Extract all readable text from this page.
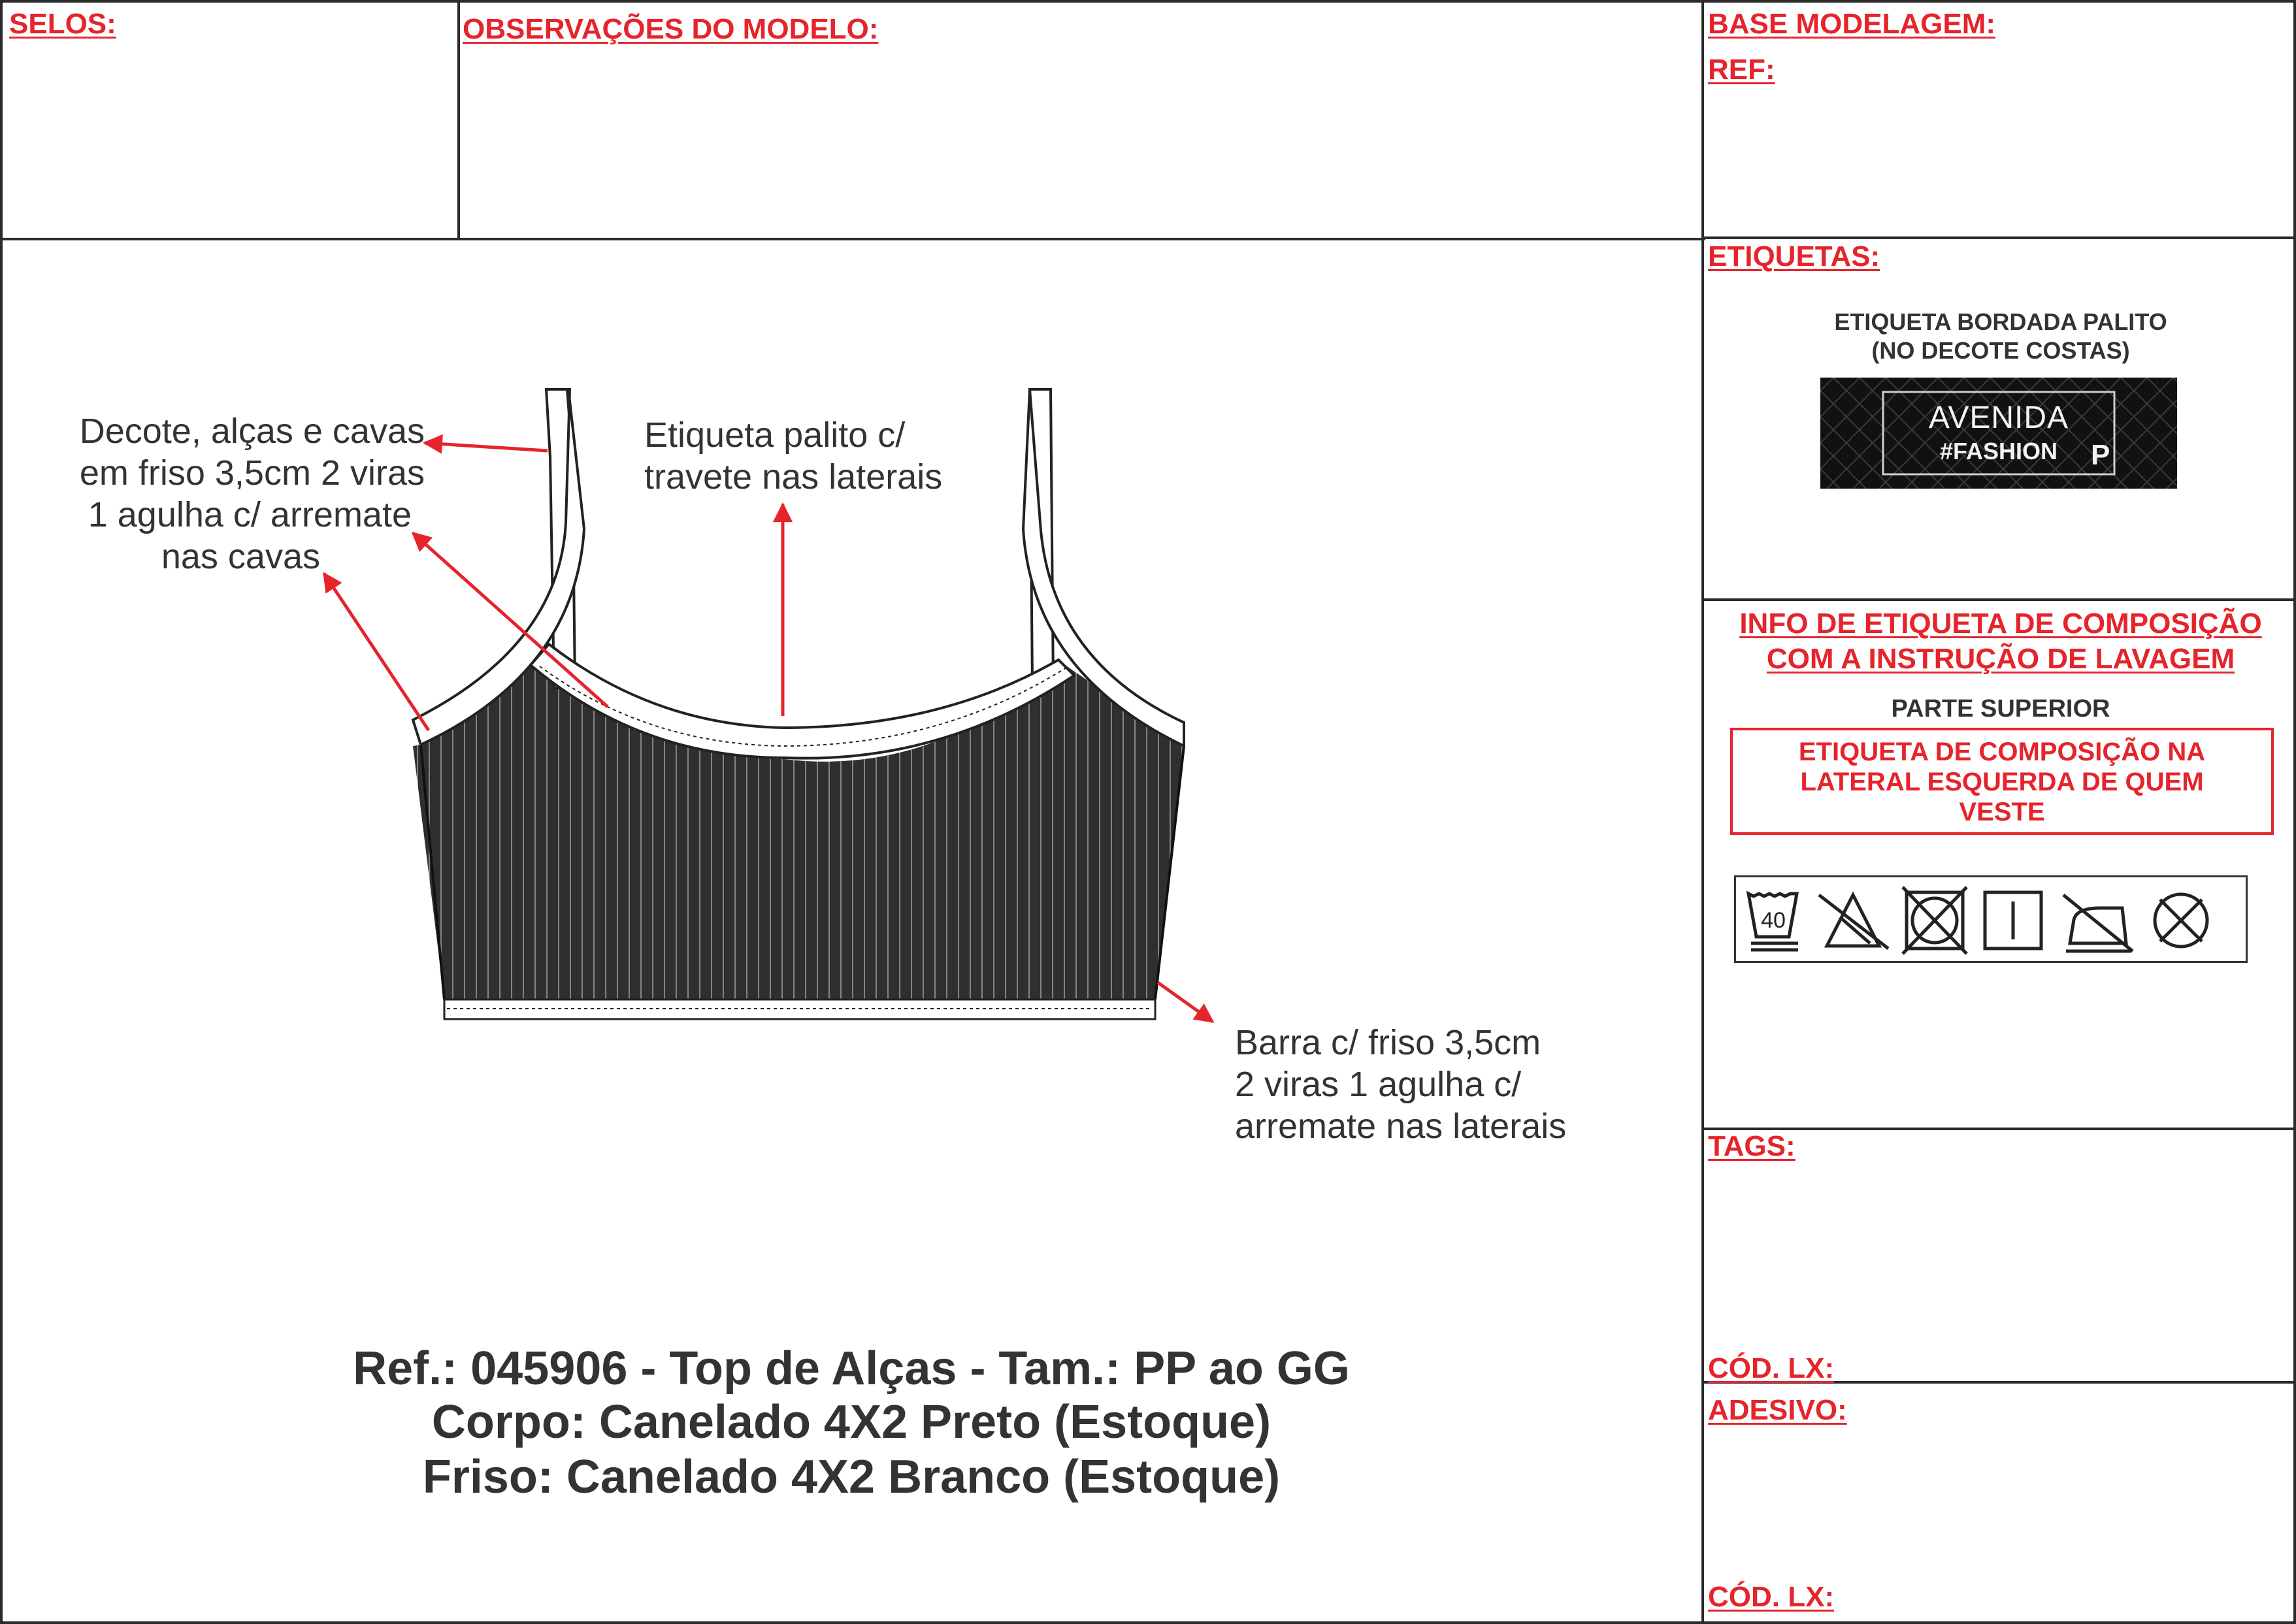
SELOS:	OBSERVAÇÕES DO MODELO:	BASE MODELAGEM:
REF:
ETIQUETAS:
ETIQUETA BORDADA PALITO
(NO DECOTE COSTAS)
AVENIDA
#FASHION	P
INFO DE ETIQUETA DE COMPOSIÇÃO
COM A INSTRUÇÃO DE LAVAGEM
PARTE SUPERIOR
ETIQUETA DE COMPOSIÇÃO NA
LATERAL ESQUERDA DE QUEM
VESTE
40
TAGS:
CÓD. LX:
ADESIVO:
CÓD. LX:
Decote, alças e cavas
em friso 3,5cm 2 viras
1 agulha c/ arremate
nas cavas
Etiqueta palito c/
travete nas laterais
Barra c/ friso 3,5cm
2 viras 1 agulha c/
arremate nas laterais
Ref.: 045906 - Top de Alças - Tam.: PP ao GG
Corpo: Canelado 4X2 Preto (Estoque)
Friso: Canelado 4X2 Branco (Estoque)
